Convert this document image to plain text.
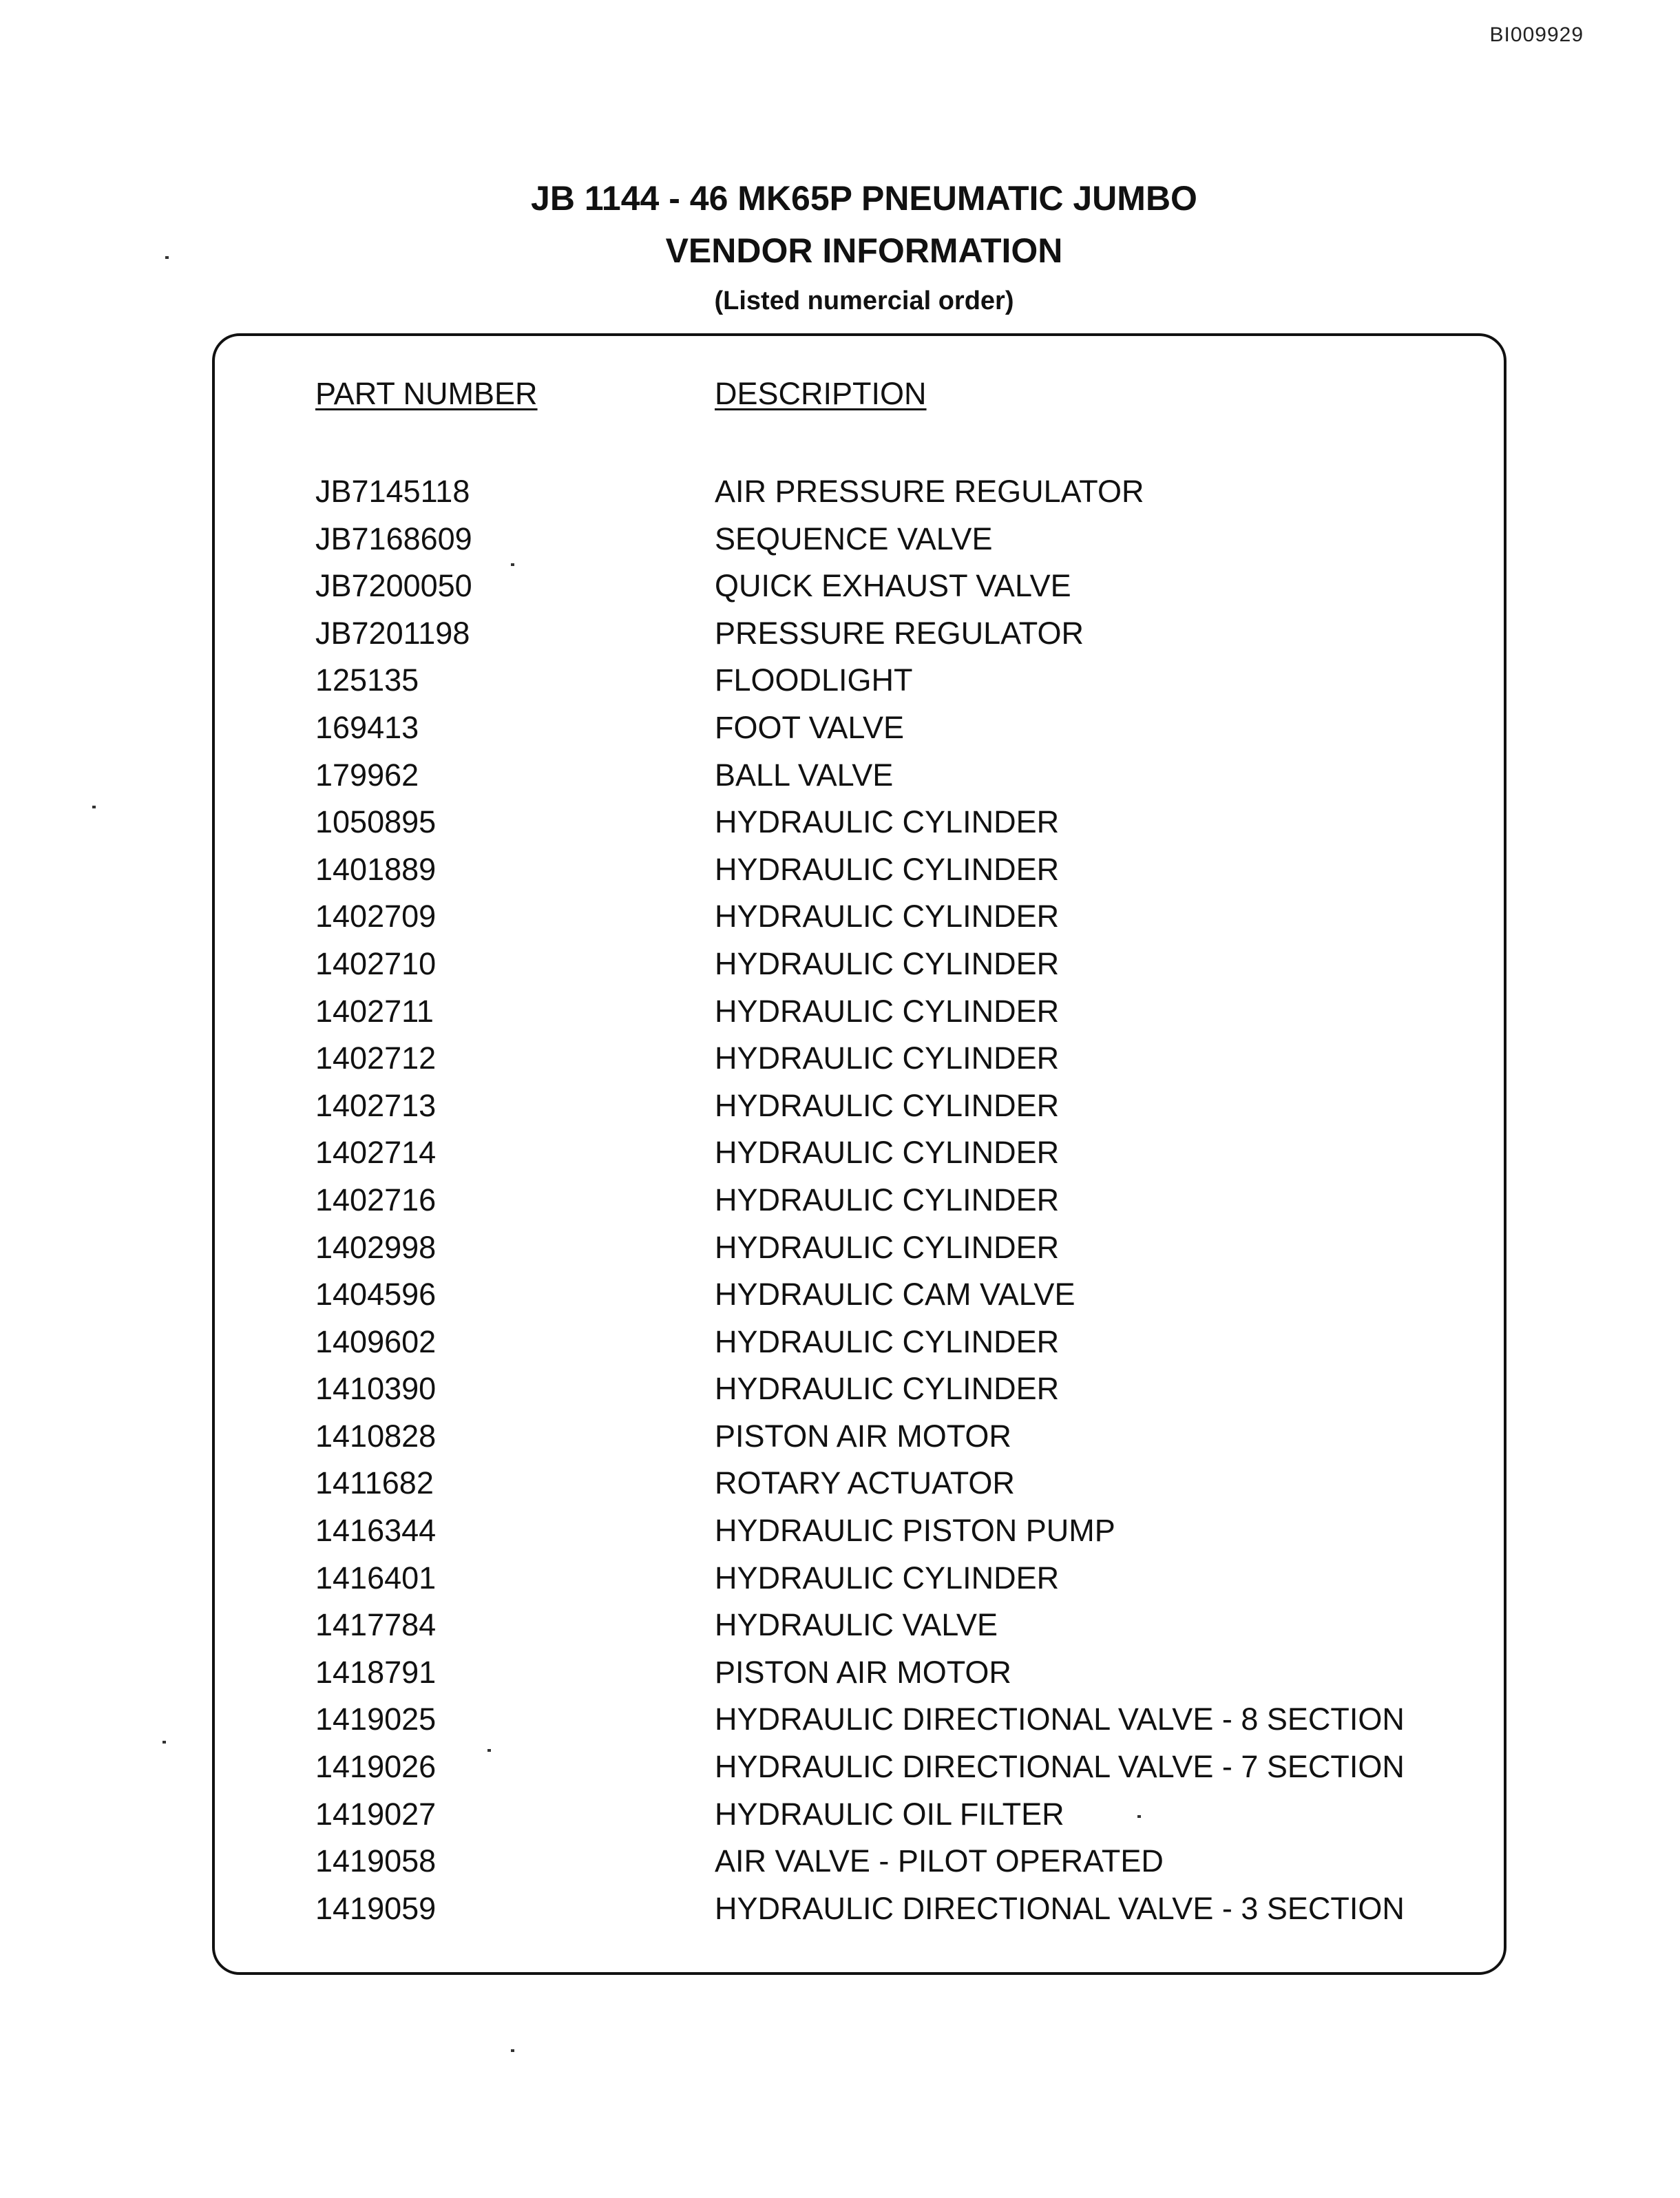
BI009929
JB 1144 - 46 MK65P PNEUMATIC JUMBO
VENDOR INFORMATION
(Listed numercial order)
PART NUMBER	DESCRIPTION
JB7145118	AIR PRESSURE REGULATOR
JB7168609	SEQUENCE VALVE
JB7200050	QUICK EXHAUST VALVE
JB7201198	PRESSURE REGULATOR
125135	FLOODLIGHT
169413	FOOT VALVE
179962	BALL VALVE
1050895	HYDRAULIC CYLINDER
1401889	HYDRAULIC CYLINDER
1402709	HYDRAULIC CYLINDER
1402710	HYDRAULIC CYLINDER
1402711	HYDRAULIC CYLINDER
1402712	HYDRAULIC CYLINDER
1402713	HYDRAULIC CYLINDER
1402714	HYDRAULIC CYLINDER
1402716	HYDRAULIC CYLINDER
1402998	HYDRAULIC CYLINDER
1404596	HYDRAULIC CAM VALVE
1409602	HYDRAULIC CYLINDER
1410390	HYDRAULIC CYLINDER
1410828	PISTON AIR MOTOR
1411682	ROTARY ACTUATOR
1416344	HYDRAULIC PISTON PUMP
1416401	HYDRAULIC CYLINDER
1417784	HYDRAULIC VALVE
1418791	PISTON AIR MOTOR
1419025	HYDRAULIC DIRECTIONAL VALVE - 8 SECTION
1419026	HYDRAULIC DIRECTIONAL VALVE - 7 SECTION
1419027	HYDRAULIC OIL FILTER
1419058	AIR VALVE - PILOT OPERATED
1419059	HYDRAULIC DIRECTIONAL VALVE - 3 SECTION
